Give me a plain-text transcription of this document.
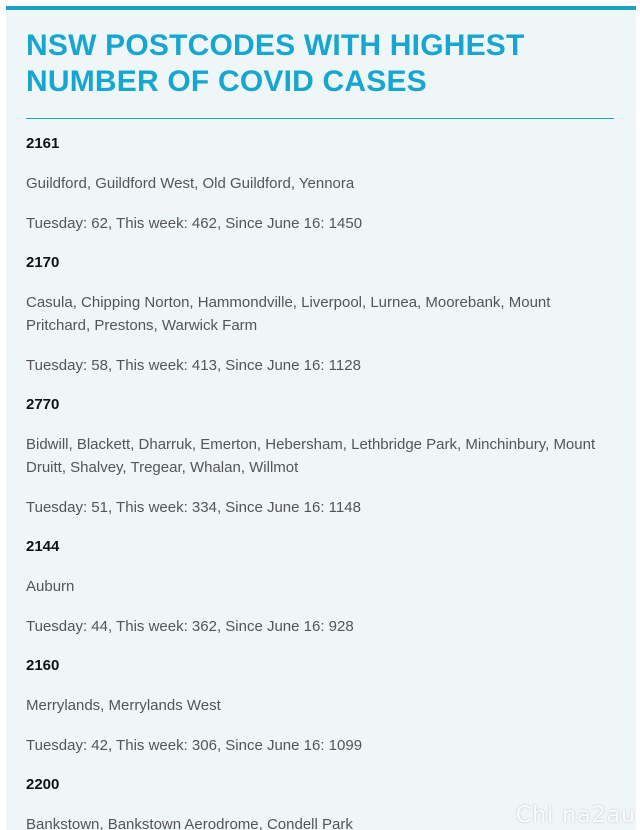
NSW POSTCODES WITH HIGHEST NUMBER OF COVID CASES
2161
Guildford, Guildford West, Old Guildford, Yennora
Tuesday: 62, This week: 462, Since June 16: 1450
2170
Casula, Chipping Norton, Hammondville, Liverpool, Lurnea, Moorebank, Mount Pritchard, Prestons, Warwick Farm
Tuesday: 58, This week: 413, Since June 16: 1128
2770
Bidwill, Blackett, Dharruk, Emerton, Hebersham, Lethbridge Park, Minchinbury, Mount Druitt, Shalvey, Tregear, Whalan, Willmot
Tuesday: 51, This week: 334, Since June 16: 1148
2144
Auburn
Tuesday: 44, This week: 362, Since June 16: 928
2160
Merrylands, Merrylands West
Tuesday: 42, This week: 306, Since June 16: 1099
2200
Bankstown, Bankstown Aerodrome, Condell Park	Chi na2au
